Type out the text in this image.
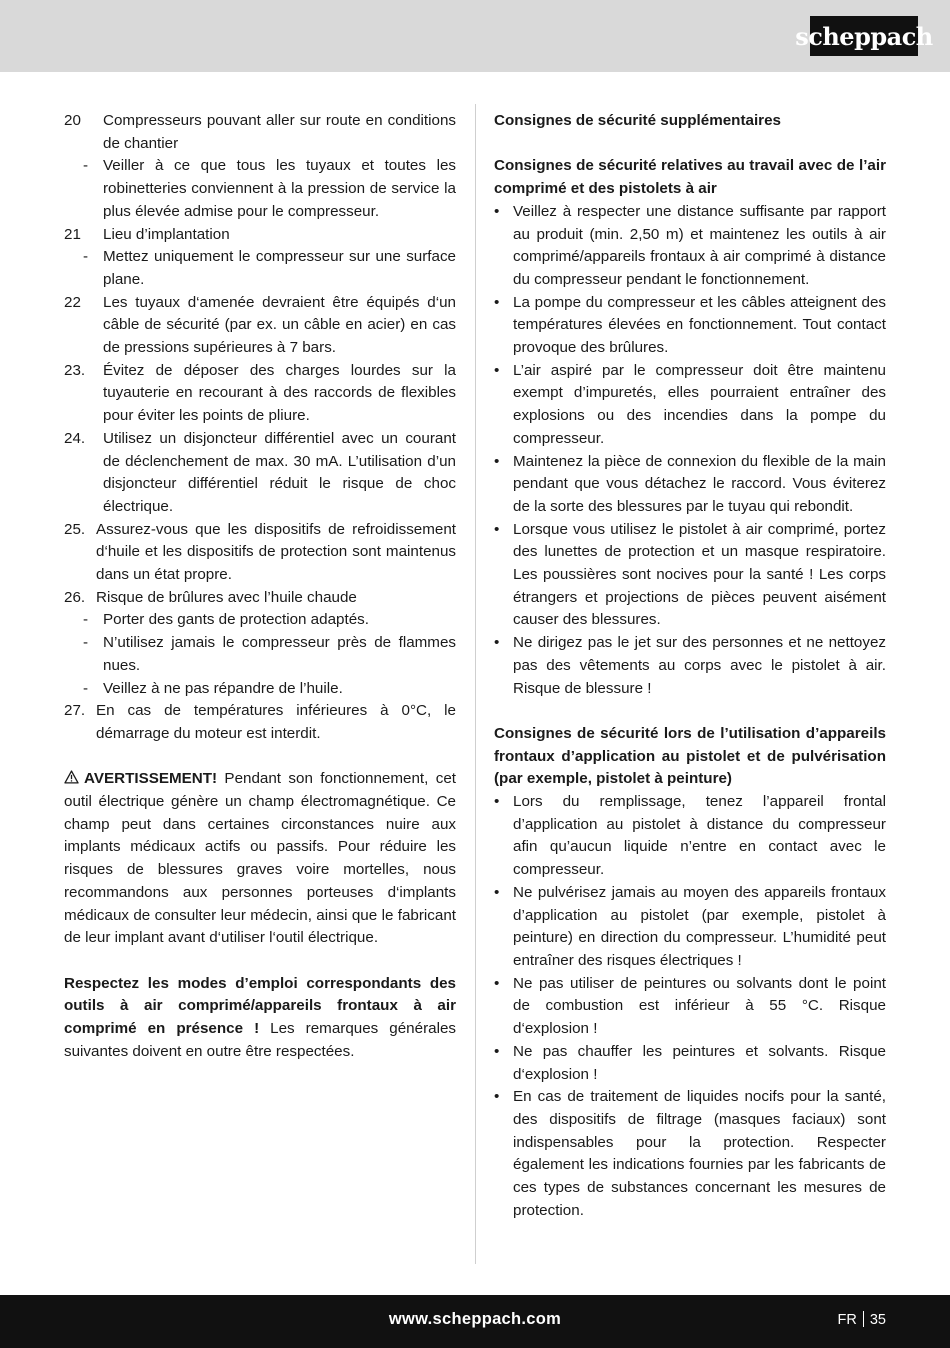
scheppach
20	Compresseurs pouvant aller sur route en conditions de chantier
- Veiller à ce que tous les tuyaux et toutes les robinetteries conviennent à la pression de service la plus élevée admise pour le compresseur.
21	Lieu d’implantation
- Mettez uniquement le compresseur sur une surface plane.
22	Les tuyaux d‘amenée devraient être équipés d‘un câble de sécurité (par ex. un câble en acier) en cas de pressions supérieures à 7 bars.
23.	Évitez de déposer des charges lourdes sur la tuyauterie en recourant à des raccords de flexibles pour éviter les points de pliure.
24.	Utilisez un disjoncteur différentiel avec un courant de déclenchement de max. 30 mA. L’utilisation d’un disjoncteur différentiel réduit le risque de choc électrique.
25. Assurez-vous que les dispositifs de refroidissement d‘huile et les dispositifs de protection sont maintenus dans un état propre.
26. Risque de brûlures avec l’huile chaude
- Porter des gants de protection adaptés.
- N’utilisez jamais le compresseur près de flammes nues.
- Veillez à ne pas répandre de l’huile.
27. En cas de températures inférieures à 0°C, le démarrage du moteur est interdit.

AVERTISSEMENT! Pendant son fonctionnement, cet outil électrique génère un champ électromagnétique. Ce champ peut dans certaines circonstances nuire aux implants médicaux actifs ou passifs. Pour réduire les risques de blessures graves voire mortelles, nous recommandons aux personnes porteuses d‘implants médicaux de consulter leur médecin, ainsi que le fabricant de leur implant avant d‘utiliser l‘outil électrique.

Respectez les modes d’emploi correspondants des outils à air comprimé/appareils frontaux à air comprimé en présence ! Les remarques générales suivantes doivent en outre être respectées.

Consignes de sécurité supplémentaires
Consignes de sécurité relatives au travail avec de l’air comprimé et des pistolets à air
• Veillez à respecter une distance suffisante par rapport au produit (min. 2,50 m) et maintenez les outils à air comprimé/appareils frontaux à air comprimé à distance du compresseur pendant le fonctionnement.
• La pompe du compresseur et les câbles atteignent des températures élevées en fonctionnement. Tout contact provoque des brûlures.
• L’air aspiré par le compresseur doit être maintenu exempt d’impuretés, elles pourraient entraîner des explosions ou des incendies dans la pompe du compresseur.
• Maintenez la pièce de connexion du flexible de la main pendant que vous détachez le raccord. Vous éviterez de la sorte des blessures par le tuyau qui rebondit.
• Lorsque vous utilisez le pistolet à air comprimé, portez des lunettes de protection et un masque respiratoire. Les poussières sont nocives pour la santé ! Les corps étrangers et projections de pièces peuvent aisément causer des blessures.
• Ne dirigez pas le jet sur des personnes et ne nettoyez pas des vêtements au corps avec le pistolet à air. Risque de blessure !
Consignes de sécurité lors de l’utilisation d’appareils frontaux d’application au pistolet et de pulvérisation (par exemple, pistolet à peinture)
• Lors du remplissage, tenez l’appareil frontal d’application au pistolet à distance du compresseur afin qu’aucun liquide n’entre en contact avec le compresseur.
• Ne pulvérisez jamais au moyen des appareils frontaux d’application au pistolet (par exemple, pistolet à peinture) en direction du compresseur. L’humidité peut entraîner des risques électriques !
• Ne pas utiliser de peintures ou solvants dont le point de combustion est inférieur à 55 °C. Risque d‘explosion !
• Ne pas chauffer les peintures et solvants. Risque d‘explosion !
• En cas de traitement de liquides nocifs pour la santé, des dispositifs de filtrage (masques faciaux) sont indispensables pour la protection. Respecter également les indications fournies par les fabricants de ces types de substances concernant les mesures de protection.
www.scheppach.com	FR 35
